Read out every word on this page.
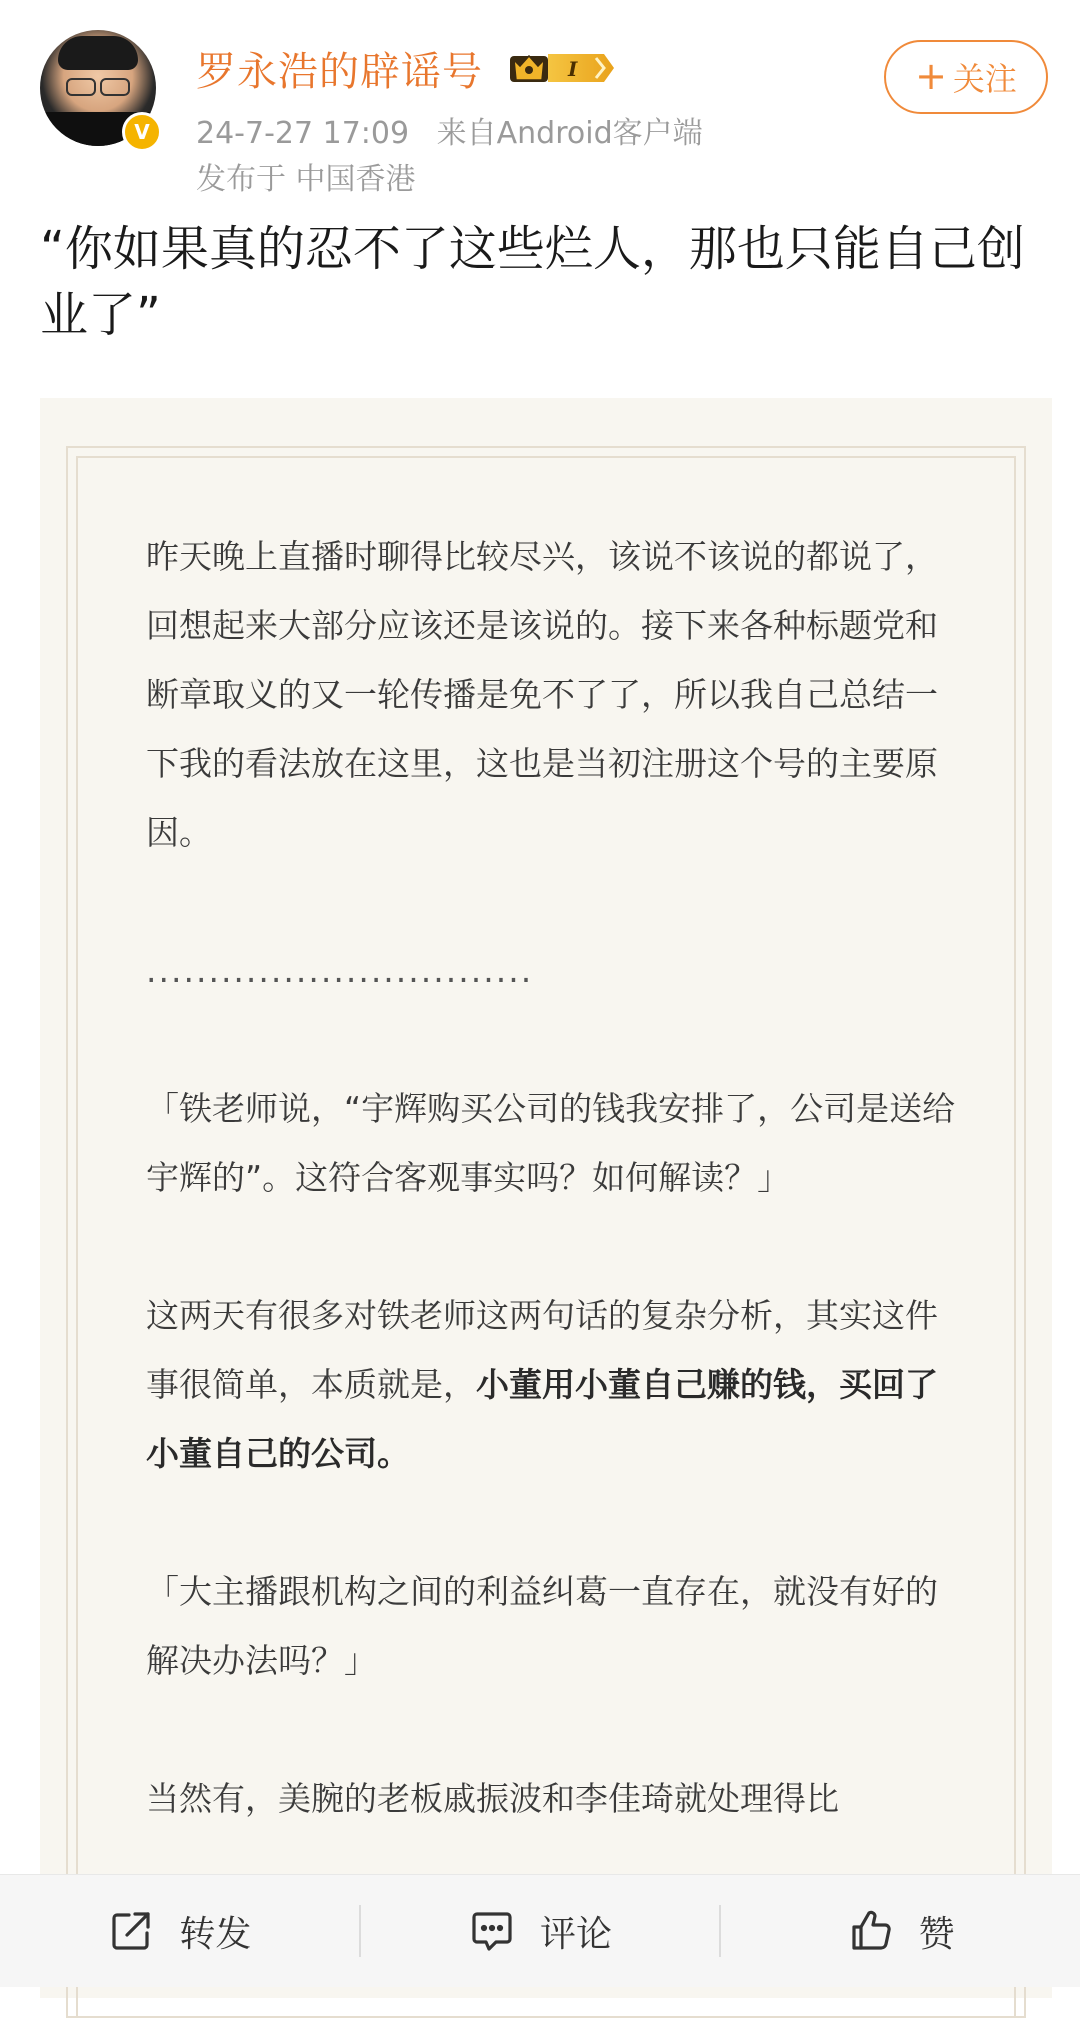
V
罗永浩的辟谣号	I
24-7-27 17:09 来自Android客户端
发布于 中国香港
+ 关注
“你如果真的忍不了这些烂人，那也只能自己创业了”

昨天晚上直播时聊得比较尽兴，该说不该说的都说了，回想起来大部分应该还是该说的。接下来各种标题党和断章取义的又一轮传播是免不了了，所以我自己总结一下我的看法放在这里，这也是当初注册这个号的主要原因。

...............................

「铁老师说，“宇辉购买公司的钱我安排了，公司是送给宇辉的”。这符合客观事实吗？如何解读？」

这两天有很多对铁老师这两句话的复杂分析，其实这件事很简单，本质就是，小董用小董自己赚的钱，买回了小董自己的公司。

「大主播跟机构之间的利益纠葛一直存在，就没有好的解决办法吗？」

当然有，美腕的老板戚振波和李佳琦就处理得比

转发	评论	赞
